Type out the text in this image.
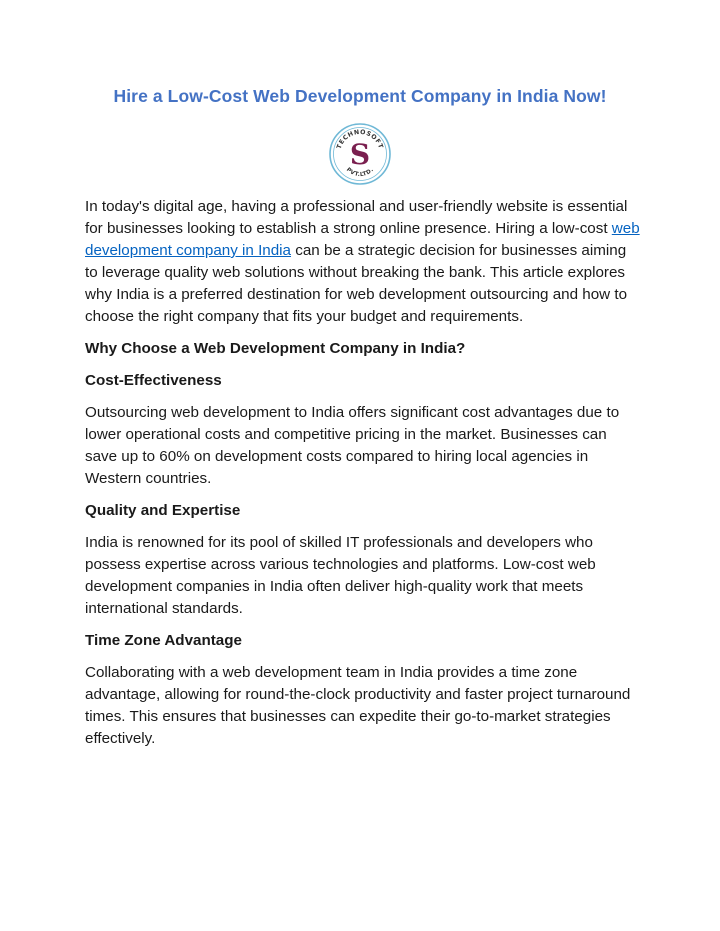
Hire a Low-Cost Web Development Company in India Now!
TECHNOSOFT
PVT.LTD.
S

In today's digital age, having a professional and user-friendly website is essential for businesses looking to establish a strong online presence. Hiring a low-cost web development company in India can be a strategic decision for businesses aiming to leverage quality web solutions without breaking the bank. This article explores why India is a preferred destination for web development outsourcing and how to choose the right company that fits your budget and requirements.

Why Choose a Web Development Company in India?

Cost-Effectiveness

Outsourcing web development to India offers significant cost advantages due to lower operational costs and competitive pricing in the market. Businesses can save up to 60% on development costs compared to hiring local agencies in Western countries.

Quality and Expertise

India is renowned for its pool of skilled IT professionals and developers who possess expertise across various technologies and platforms. Low-cost web development companies in India often deliver high-quality work that meets international standards.

Time Zone Advantage

Collaborating with a web development team in India provides a time zone advantage, allowing for round-the-clock productivity and faster project turnaround times. This ensures that businesses can expedite their go-to-market strategies effectively.
